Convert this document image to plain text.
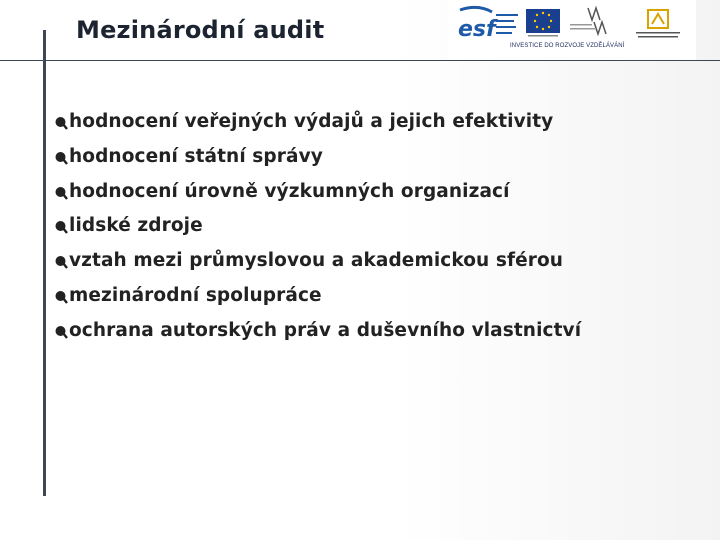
Mezinárodní audit	esf
INVESTICE DO ROZVOJE VZDĚLÁVÁNÍ
hodnocení veřejných výdajů a jejich efektivity
hodnocení státní správy
hodnocení úrovně výzkumných organizací
lidské zdroje
vztah mezi průmyslovou a akademickou sférou
mezinárodní spolupráce
ochrana autorských práv a duševního vlastnictví
